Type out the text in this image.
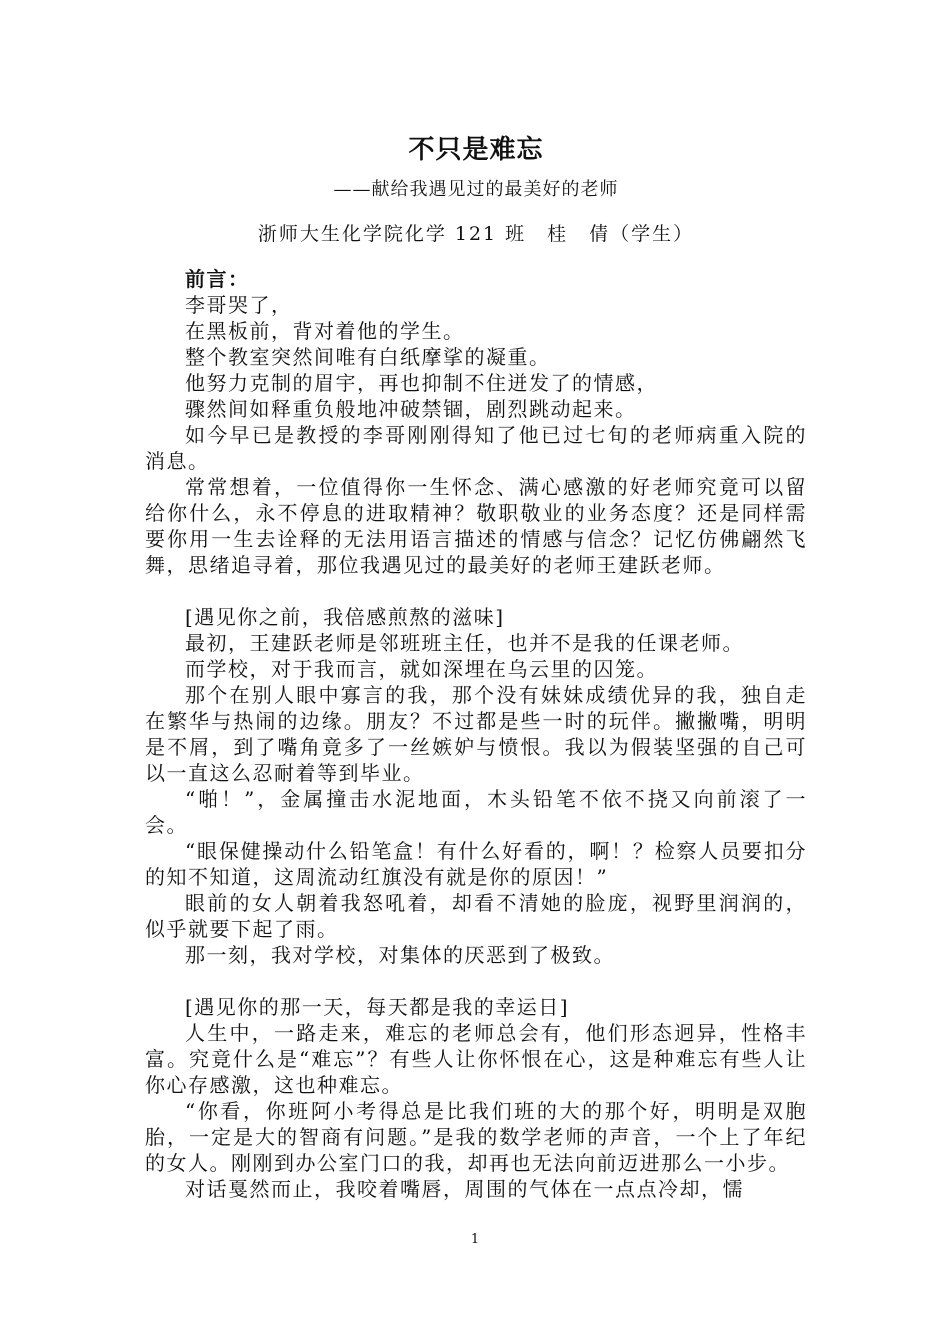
不只是难忘
——献给我遇见过的最美好的老师
浙师大生化学院化学 121 班　桂　倩（学生）

前言：

李哥哭了，

在黑板前，背对着他的学生。

整个教室突然间唯有白纸摩挲的凝重。

他努力克制的眉宇，再也抑制不住迸发了的情感，

骤然间如释重负般地冲破禁锢，剧烈跳动起来。

如今早已是教授的李哥刚刚得知了他已过七旬的老师病重入院的消息。

常常想着，一位值得你一生怀念、满心感激的好老师究竟可以留给你什么，永不停息的进取精神？敬职敬业的业务态度？还是同样需要你用一生去诠释的无法用语言描述的情感与信念？记忆仿佛翩然飞舞，思绪追寻着，那位我遇见过的最美好的老师王建跃老师。

[遇见你之前，我倍感煎熬的滋味]

最初，王建跃老师是邻班班主任，也并不是我的任课老师。

而学校，对于我而言，就如深埋在乌云里的囚笼。

那个在别人眼中寡言的我，那个没有妹妹成绩优异的我，独自走在繁华与热闹的边缘。朋友？不过都是些一时的玩伴。撇撇嘴，明明是不屑，到了嘴角竟多了一丝嫉妒与愤恨。我以为假装坚强的自己可以一直这么忍耐着等到毕业。

“啪！”，金属撞击水泥地面，木头铅笔不依不挠又向前滚了一会。

“眼保健操动什么铅笔盒！有什么好看的，啊！？检察人员要扣分的知不知道，这周流动红旗没有就是你的原因！”

眼前的女人朝着我怒吼着，却看不清她的脸庞，视野里润润的，似乎就要下起了雨。

那一刻，我对学校，对集体的厌恶到了极致。

[遇见你的那一天，每天都是我的幸运日]

人生中，一路走来，难忘的老师总会有，他们形态迥异，性格丰富。究竟什么是“难忘”？有些人让你怀恨在心，这是种难忘有些人让你心存感激，这也种难忘。

“你看，你班阿小考得总是比我们班的大的那个好，明明是双胞胎，一定是大的智商有问题。”是我的数学老师的声音，一个上了年纪的女人。刚刚到办公室门口的我，却再也无法向前迈进那么一小步。

对话戛然而止，我咬着嘴唇，周围的气体在一点点冷却，懦

1
